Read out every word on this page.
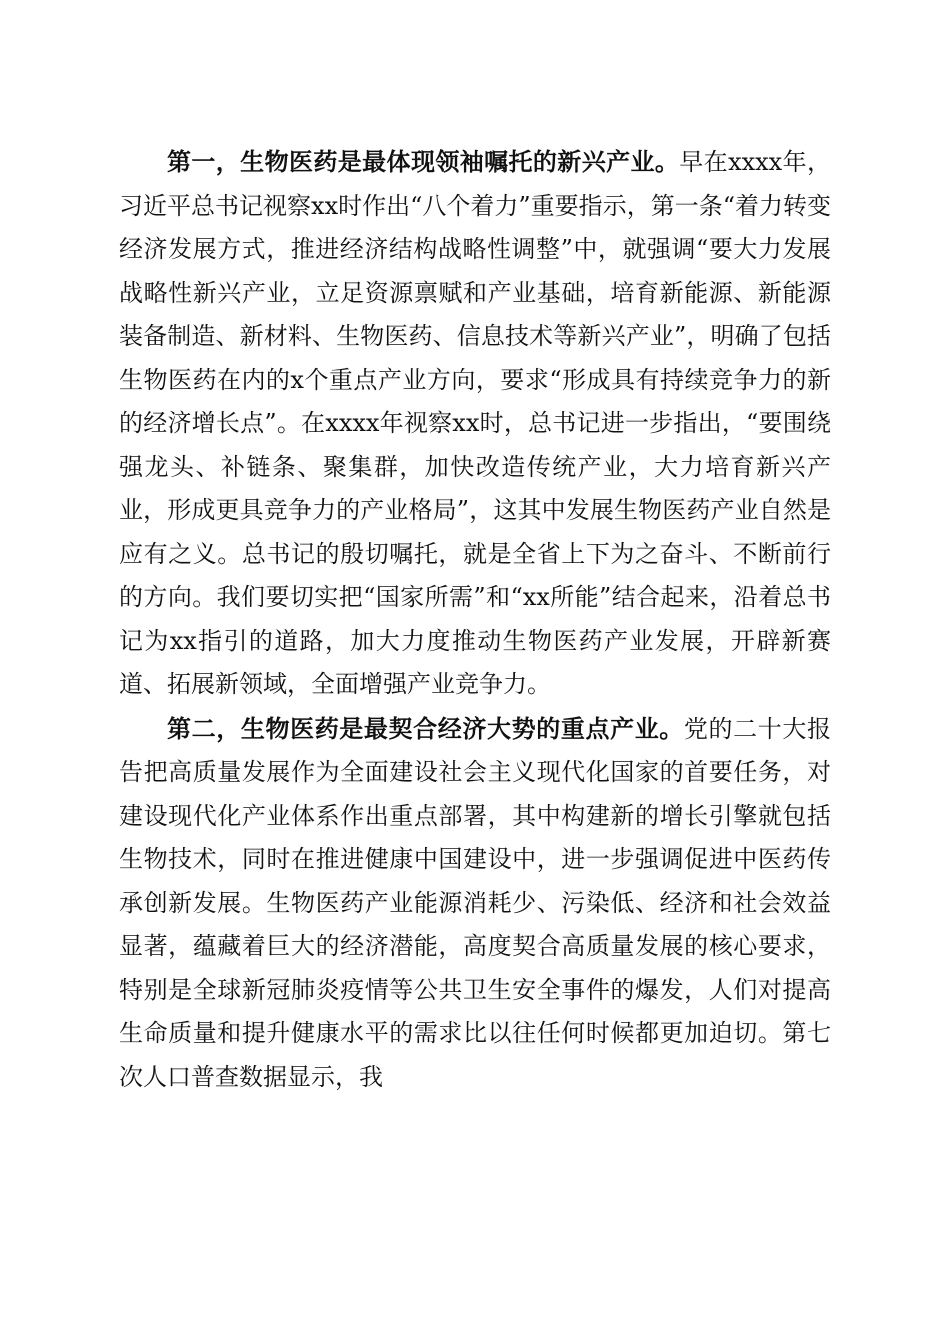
第一，生物医药是最体现领袖嘱托的新兴产业。早在xxxx年，习近平总书记视察xx时作出“八个着力”重要指示，第一条“着力转变经济发展方式，推进经济结构战略性调整”中，就强调“要大力发展战略性新兴产业，立足资源禀赋和产业基础，培育新能源、新能源装备制造、新材料、生物医药、信息技术等新兴产业”，明确了包括生物医药在内的x个重点产业方向，要求“形成具有持续竞争力的新的经济增长点”。在xxxx年视察xx时，总书记进一步指出，“要围绕强龙头、补链条、聚集群，加快改造传统产业，大力培育新兴产业，形成更具竞争力的产业格局”，这其中发展生物医药产业自然是应有之义。总书记的殷切嘱托，就是全省上下为之奋斗、不断前行的方向。我们要切实把“国家所需”和“xx所能”结合起来，沿着总书记为xx指引的道路，加大力度推动生物医药产业发展，开辟新赛道、拓展新领域，全面增强产业竞争力。

第二，生物医药是最契合经济大势的重点产业。党的二十大报告把高质量发展作为全面建设社会主义现代化国家的首要任务，对建设现代化产业体系作出重点部署，其中构建新的增长引擎就包括生物技术，同时在推进健康中国建设中，进一步强调促进中医药传承创新发展。生物医药产业能源消耗少、污染低、经济和社会效益显著，蕴藏着巨大的经济潜能，高度契合高质量发展的核心要求，特别是全球新冠肺炎疫情等公共卫生安全事件的爆发，人们对提高生命质量和提升健康水平的需求比以往任何时候都更加迫切。第七次人口普查数据显示，我
